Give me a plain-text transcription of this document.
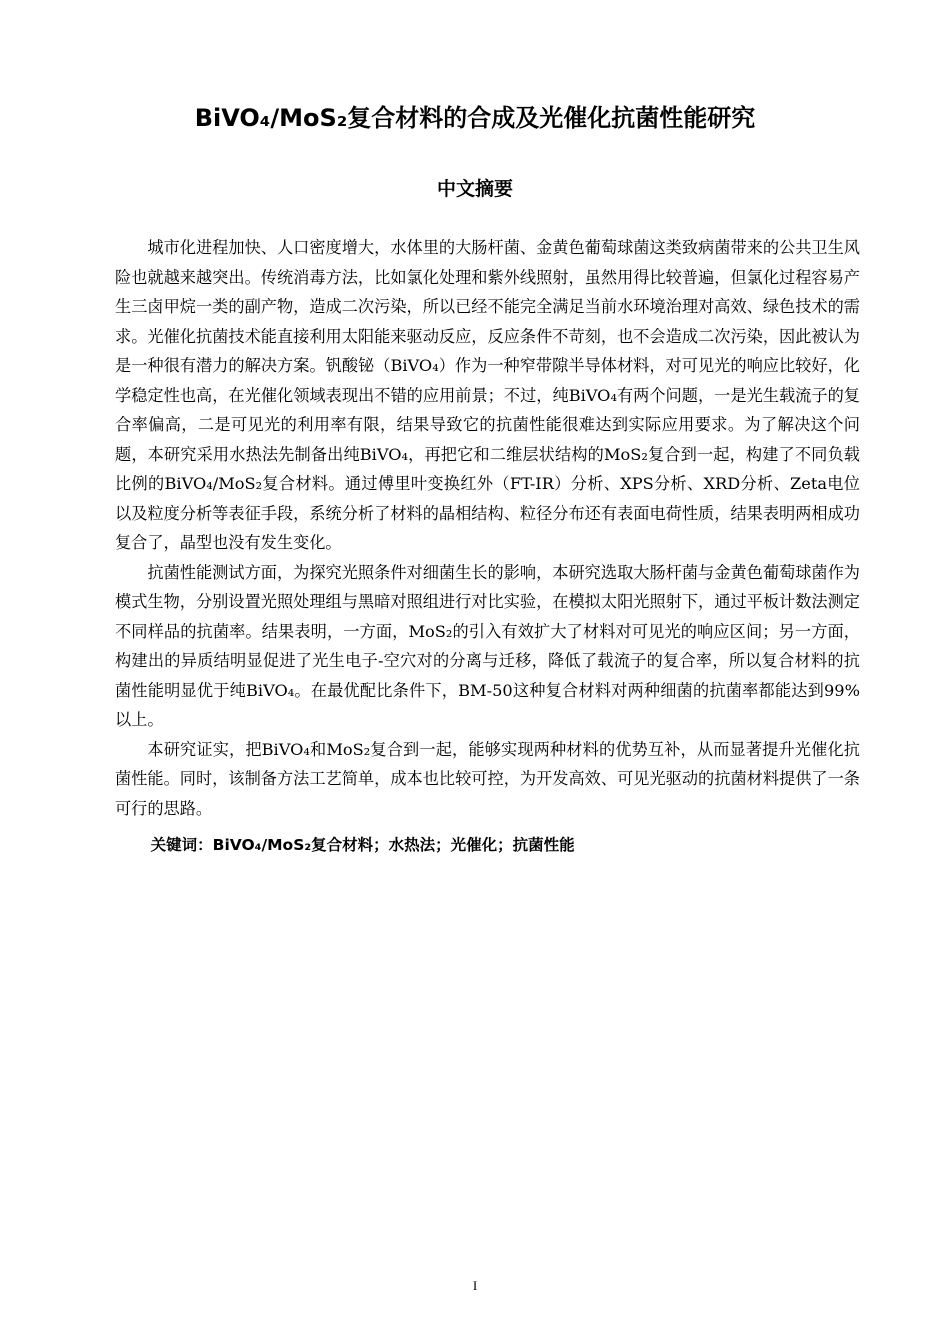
BiVO₄/MoS₂复合材料的合成及光催化抗菌性能研究
中文摘要

城市化进程加快、人口密度增大，水体里的大肠杆菌、金黄色葡萄球菌这类致病菌带来的公共卫生风险也就越来越突出。传统消毒方法，比如氯化处理和紫外线照射，虽然用得比较普遍，但氯化过程容易产生三卤甲烷一类的副产物，造成二次污染，所以已经不能完全满足当前水环境治理对高效、绿色技术的需求。光催化抗菌技术能直接利用太阳能来驱动反应，反应条件不苛刻，也不会造成二次污染，因此被认为是一种很有潜力的解决方案。钒酸铋（BiVO₄）作为一种窄带隙半导体材料，对可见光的响应比较好，化学稳定性也高，在光催化领域表现出不错的应用前景；不过，纯BiVO₄有两个问题，一是光生载流子的复合率偏高，二是可见光的利用率有限，结果导致它的抗菌性能很难达到实际应用要求。为了解决这个问题，本研究采用水热法先制备出纯BiVO₄，再把它和二维层状结构的MoS₂复合到一起，构建了不同负载比例的BiVO₄/MoS₂复合材料。通过傅里叶变换红外（FT-IR）分析、XPS分析、XRD分析、Zeta电位以及粒度分析等表征手段，系统分析了材料的晶相结构、粒径分布还有表面电荷性质，结果表明两相成功复合了，晶型也没有发生变化。

抗菌性能测试方面，为探究光照条件对细菌生长的影响，本研究选取大肠杆菌与金黄色葡萄球菌作为模式生物，分别设置光照处理组与黑暗对照组进行对比实验，在模拟太阳光照射下，通过平板计数法测定不同样品的抗菌率。结果表明，一方面，MoS₂的引入有效扩大了材料对可见光的响应区间；另一方面，构建出的异质结明显促进了光生电子-空穴对的分离与迁移，降低了载流子的复合率，所以复合材料的抗菌性能明显优于纯BiVO₄。在最优配比条件下，BM-50这种复合材料对两种细菌的抗菌率都能达到99%以上。

本研究证实，把BiVO₄和MoS₂复合到一起，能够实现两种材料的优势互补，从而显著提升光催化抗菌性能。同时，该制备方法工艺简单，成本也比较可控，为开发高效、可见光驱动的抗菌材料提供了一条可行的思路。

关键词：BiVO₄/MoS₂复合材料；水热法；光催化；抗菌性能

I
